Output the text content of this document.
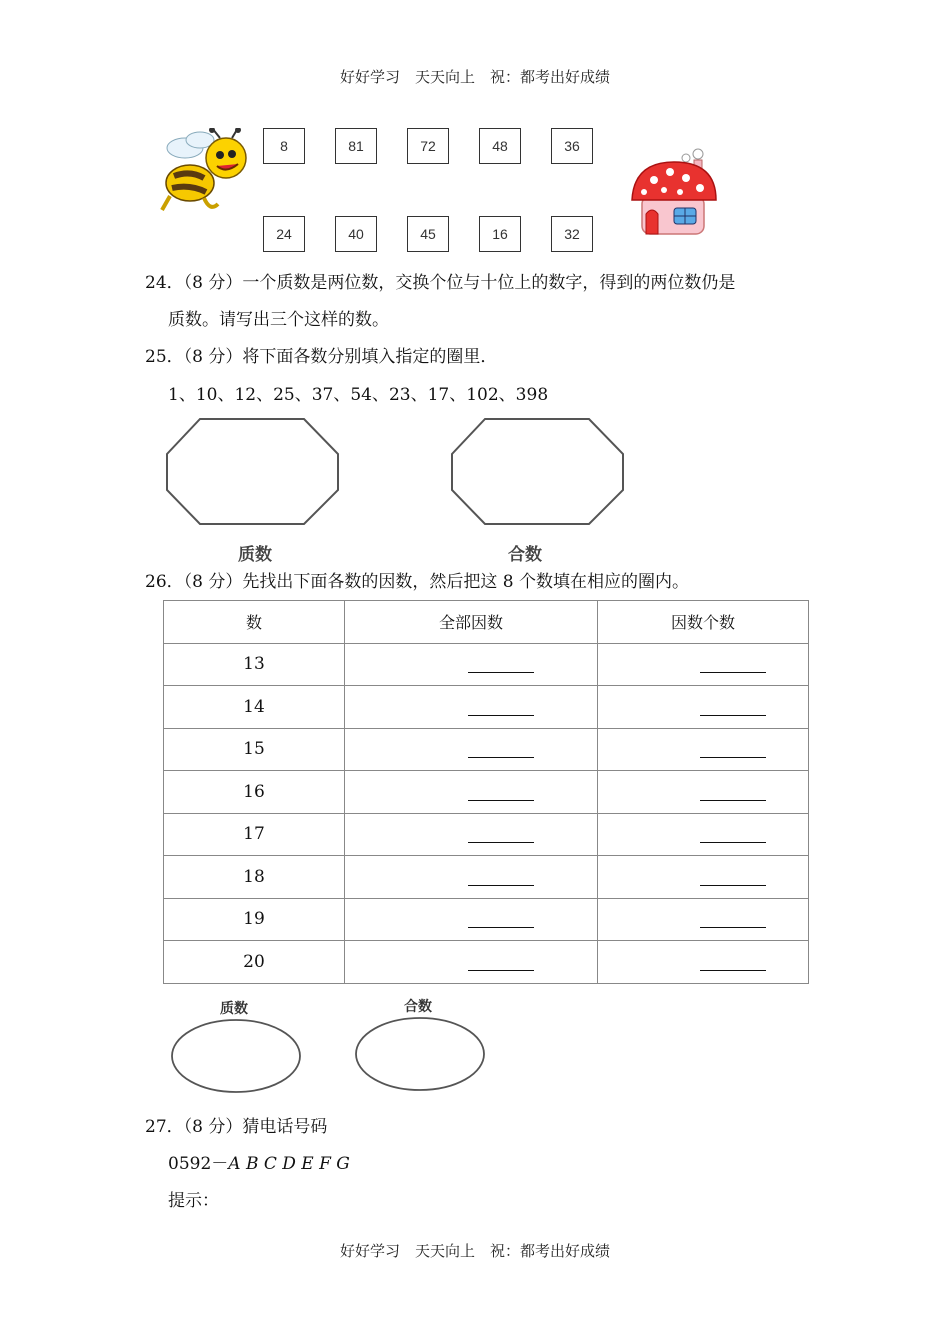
好好学习　天天向上　祝：都考出好成绩
8	81	72	48	36
24	40	45	16	32
24．（8 分）一个质数是两位数，交换个位与十位上的数字，得到的两位数仍是
质数。请写出三个这样的数。
25．（8 分）将下面各数分别填入指定的圈里．
1、10、12、25、37、54、23、17、102、398
质数	合数
26．（8 分）先找出下面各数的因数，然后把这 8 个数填在相应的圈内。
数	全部因数	因数个数
13		
14		
15		
16		
17		
18		
19		
20		
质数	合数
27．（8 分）猜电话号码
0592－A B C D E F G
提示：
好好学习　天天向上　祝：都考出好成绩
